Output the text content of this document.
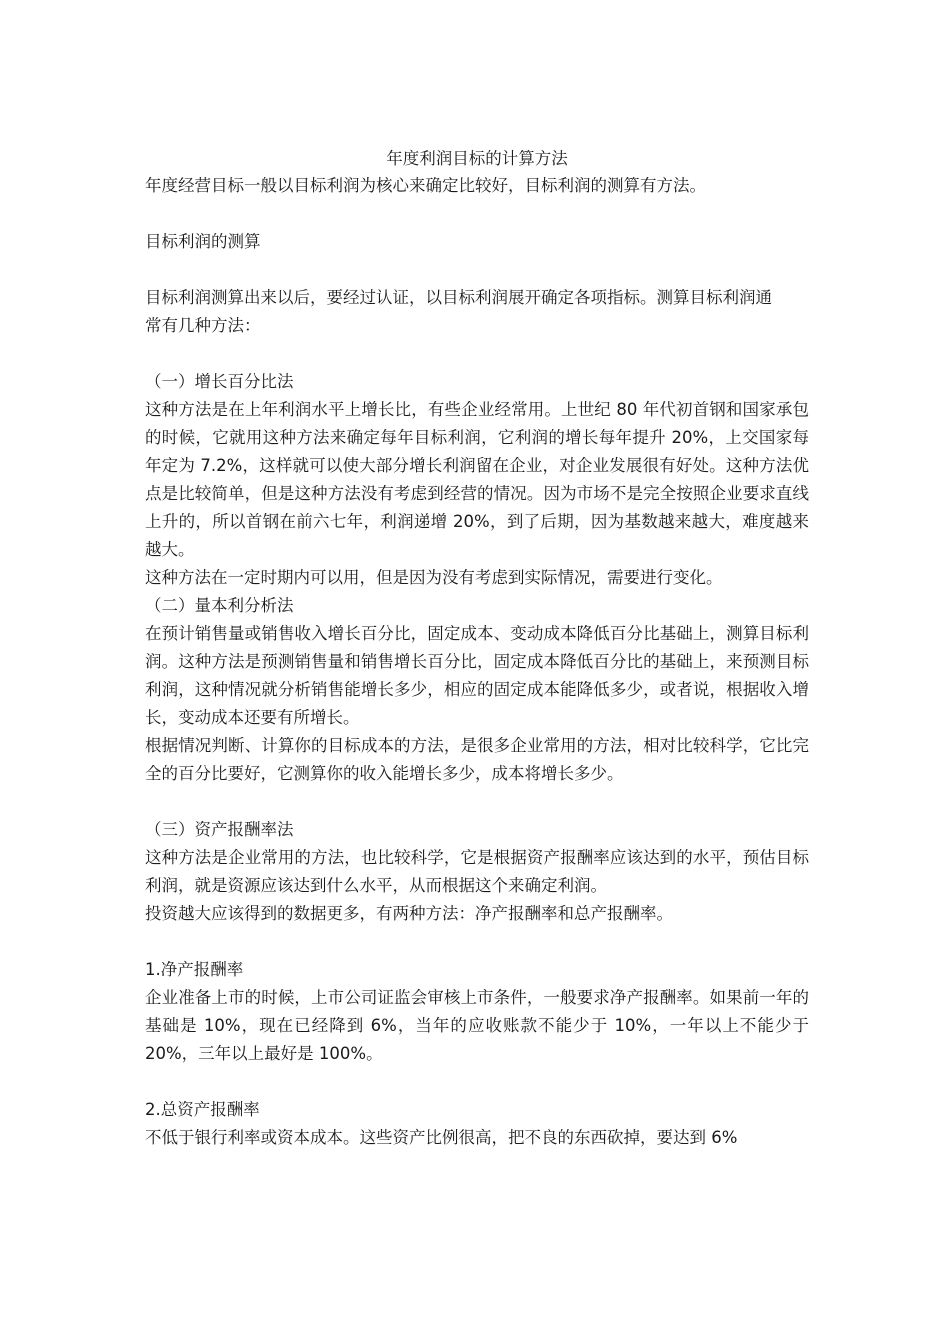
年度利润目标的计算方法

年度经营目标一般以目标利润为核心来确定比较好，目标利润的测算有方法。

目标利润的测算

目标利润测算出来以后，要经过认证，以目标利润展开确定各项指标。测算目标利润通

常有几种方法：

（一）增长百分比法

这种方法是在上年利润水平上增长比，有些企业经常用。上世纪 80 年代初首钢和国家承包的时候，它就用这种方法来确定每年目标利润，它利润的增长每年提升 20%，上交国家每年定为 7.2%，这样就可以使大部分增长利润留在企业，对企业发展很有好处。这种方法优点是比较简单，但是这种方法没有考虑到经营的情况。因为市场不是完全按照企业要求直线上升的，所以首钢在前六七年，利润递增 20%，到了后期，因为基数越来越大，难度越来越大。

这种方法在一定时期内可以用，但是因为没有考虑到实际情况，需要进行变化。

（二）量本利分析法

在预计销售量或销售收入增长百分比，固定成本、变动成本降低百分比基础上，测算目标利润。这种方法是预测销售量和销售增长百分比，固定成本降低百分比的基础上，来预测目标利润，这种情况就分析销售能增长多少，相应的固定成本能降低多少，或者说，根据收入增长，变动成本还要有所增长。

根据情况判断、计算你的目标成本的方法，是很多企业常用的方法，相对比较科学，它比完全的百分比要好，它测算你的收入能增长多少，成本将增长多少。

（三）资产报酬率法

这种方法是企业常用的方法，也比较科学，它是根据资产报酬率应该达到的水平，预估目标利润，就是资源应该达到什么水平，从而根据这个来确定利润。

投资越大应该得到的数据更多，有两种方法：净产报酬率和总产报酬率。

1.净产报酬率

企业准备上市的时候，上市公司证监会审核上市条件，一般要求净产报酬率。如果前一年的基础是 10%，现在已经降到 6%，当年的应收账款不能少于 10%，一年以上不能少于 20%，三年以上最好是 100%。

2.总资产报酬率

不低于银行利率或资本成本。这些资产比例很高，把不良的东西砍掉，要达到 6%
